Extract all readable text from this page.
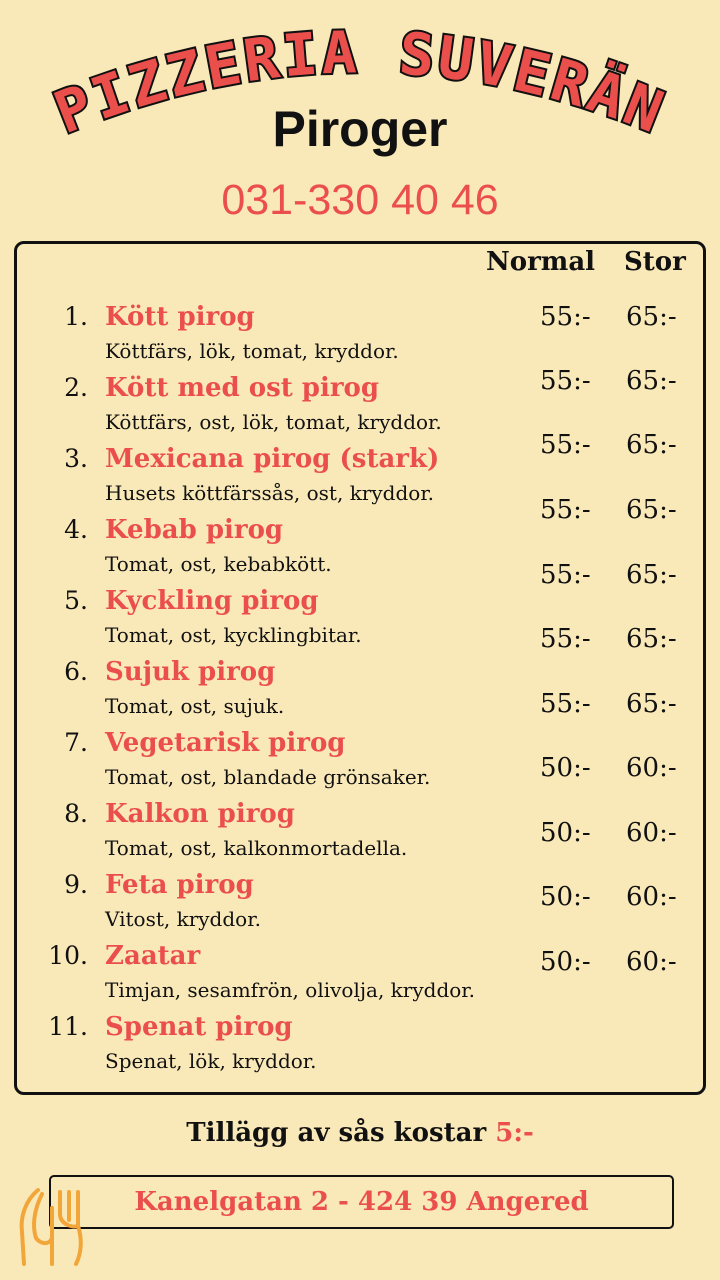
PIZZERIA SUVERÄN
Piroger
031-330 40 46
Normal Stor
1. Kött pirog
Köttfärs, lök, tomat, kryddor.
55:- 65:-
2. Kött med ost pirog
Köttfärs, ost, lök, tomat, kryddor.
55:- 65:-
3. Mexicana pirog (stark)
Husets köttfärssås, ost, kryddor.
55:- 65:-
4. Kebab pirog
Tomat, ost, kebabkött.
55:- 65:-
5. Kyckling pirog
Tomat, ost, kycklingbitar.
55:- 65:-
6. Sujuk pirog
Tomat, ost, sujuk.
55:- 65:-
7. Vegetarisk pirog
Tomat, ost, blandade grönsaker.
55:- 65:-
8. Kalkon pirog
Tomat, ost, kalkonmortadella.
50:- 60:-
9. Feta pirog
Vitost, kryddor.
50:- 60:-
10. Zaatar
Timjan, sesamfrön, olivolja, kryddor.
50:- 60:-
11. Spenat pirog
Spenat, lök, kryddor.
50:- 60:-
Tillägg av sås kostar 5:-
Kanelgatan 2 - 424 39 Angered
